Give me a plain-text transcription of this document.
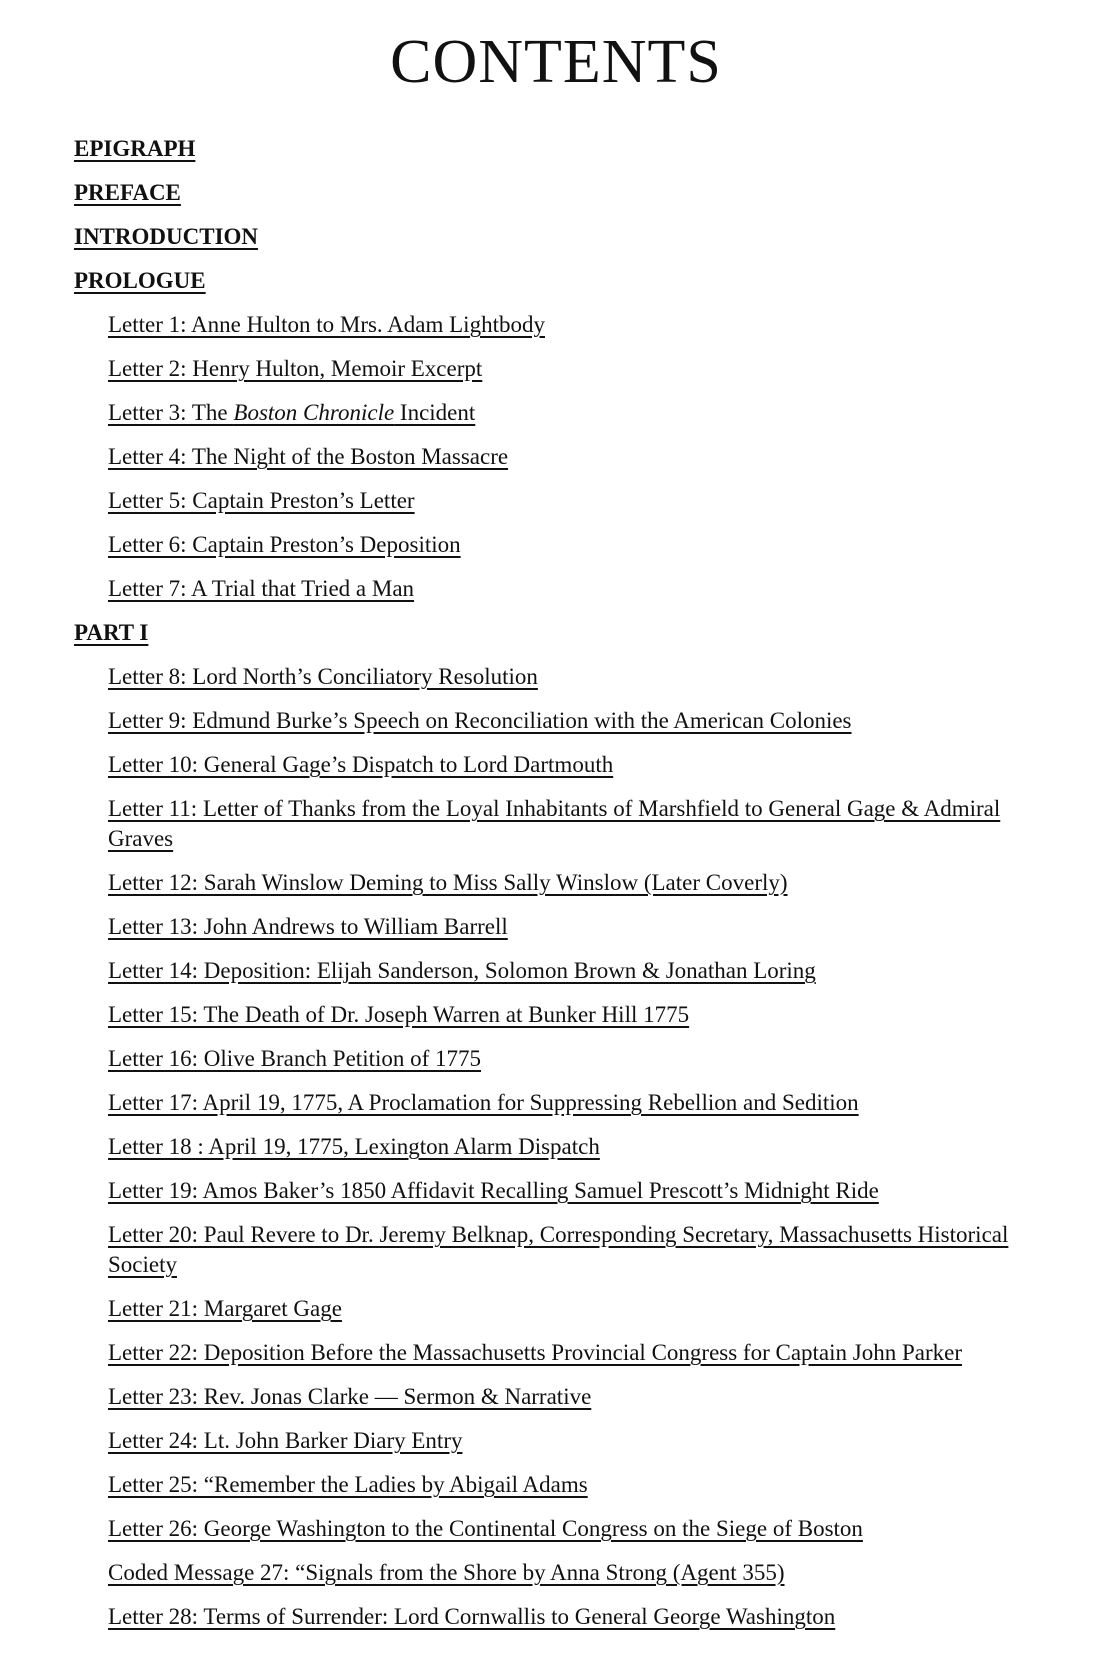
CONTENTS
EPIGRAPH
PREFACE
INTRODUCTION
PROLOGUE
Letter 1: Anne Hulton to Mrs. Adam Lightbody
Letter 2: Henry Hulton, Memoir Excerpt
Letter 3: The Boston Chronicle Incident
Letter 4: The Night of the Boston Massacre
Letter 5: Captain Preston’s Letter
Letter 6: Captain Preston’s Deposition
Letter 7: A Trial that Tried a Man
PART I
Letter 8: Lord North’s Conciliatory Resolution
Letter 9: Edmund Burke’s Speech on Reconciliation with the American Colonies
Letter 10: General Gage’s Dispatch to Lord Dartmouth
Letter 11: Letter of Thanks from the Loyal Inhabitants of Marshfield to General Gage & Admiral Graves
Letter 12: Sarah Winslow Deming to Miss Sally Winslow (Later Coverly)
Letter 13: John Andrews to William Barrell
Letter 14: Deposition: Elijah Sanderson, Solomon Brown & Jonathan Loring
Letter 15: The Death of Dr. Joseph Warren at Bunker Hill 1775
Letter 16: Olive Branch Petition of 1775
Letter 17: April 19, 1775, A Proclamation for Suppressing Rebellion and Sedition
Letter 18 : April 19, 1775, Lexington Alarm Dispatch
Letter 19: Amos Baker’s 1850 Affidavit Recalling Samuel Prescott’s Midnight Ride
Letter 20: Paul Revere to Dr. Jeremy Belknap, Corresponding Secretary, Massachusetts Historical Society
Letter 21: Margaret Gage
Letter 22: Deposition Before the Massachusetts Provincial Congress for Captain John Parker
Letter 23: Rev. Jonas Clarke — Sermon & Narrative
Letter 24: Lt. John Barker Diary Entry
Letter 25: “Remember the Ladies by Abigail Adams
Letter 26: George Washington to the Continental Congress on the Siege of Boston
Coded Message 27: “Signals from the Shore by Anna Strong (Agent 355)
Letter 28: Terms of Surrender: Lord Cornwallis to General George Washington
